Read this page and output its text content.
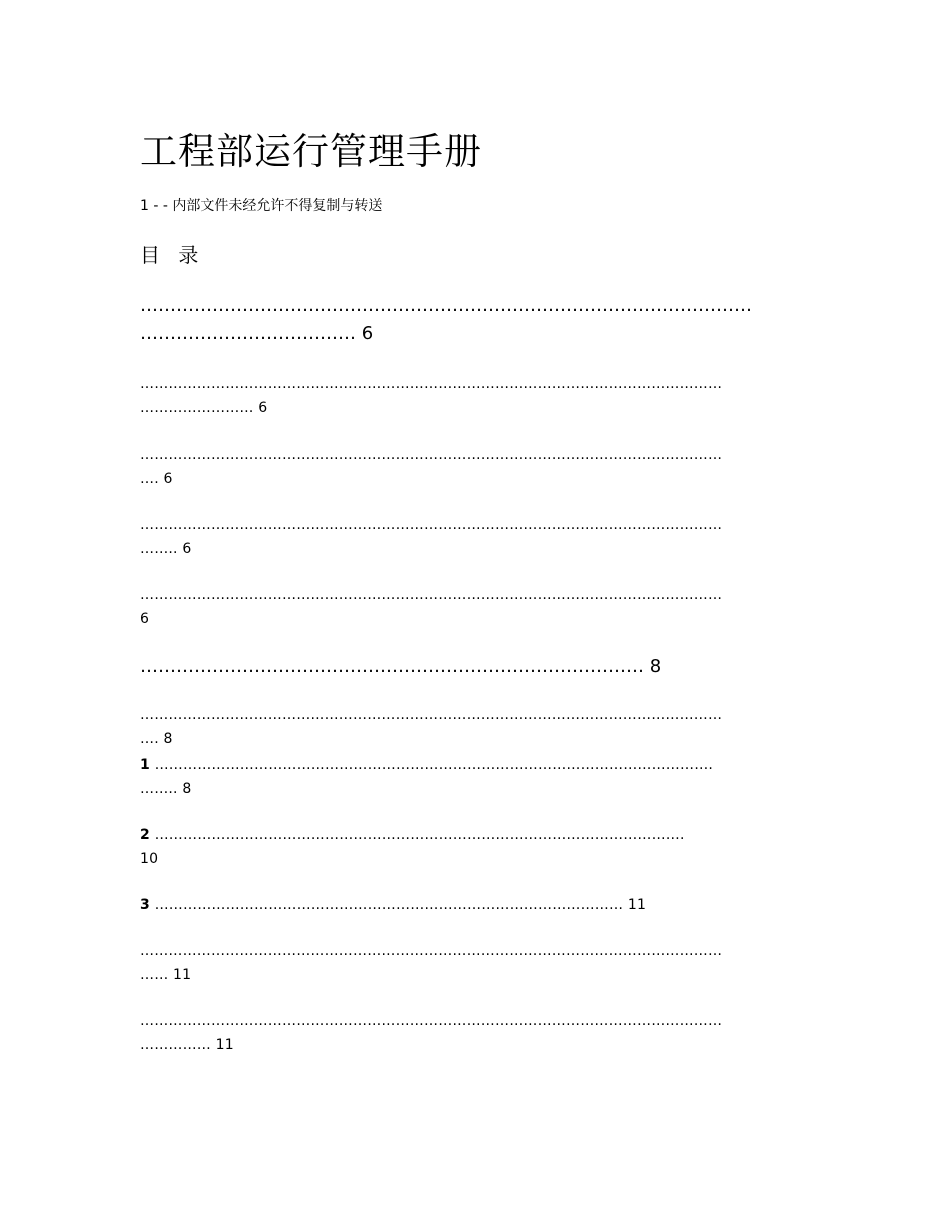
工程部运行管理手册
1 - - 内部文件未经允许不得复制与转送
目 录
…………………………………………………………………………………………
……………………………… 6
……………………………………………………………………………………………………………
…………………… 6
……………………………………………………………………………………………………………
…. 6
……………………………………………………………………………………………………………
…….. 6
……………………………………………………………………………………………………………
6
………………………………………………………………………… 8
……………………………………………………………………………………………………………
…. 8
1 ……………………………………………………………………………………………………….
…….. 8
2 ………………………………………………………………………………………………….
10
3 ……………………………………………………………………………………… 11
……………………………………………………………………………………………………………
…… 11
……………………………………………………………………………………………………………
…………… 11
